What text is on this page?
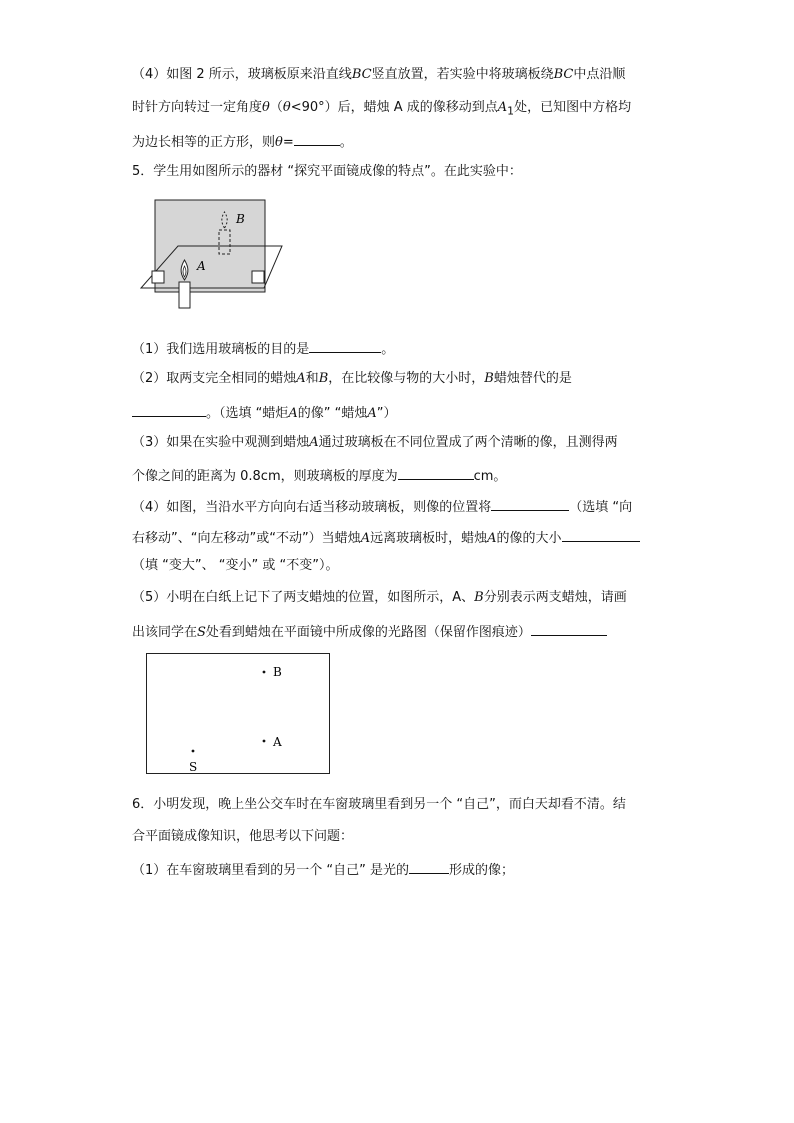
（4）如图 2 所示，玻璃板原来沿直线BC竖直放置，若实验中将玻璃板绕BC中点沿顺
时针方向转过一定角度θ（θ<90°）后，蜡烛 A 成的像移动到点$A_1$处，已知图中方格均
为边长相等的正方形，则θ=	。
5．学生用如图所示的器材 “探究平面镜成像的特点”。在此实验中：
B
A
（1）我们选用玻璃板的目的是	。
（2）取两支完全相同的蜡烛A和B，在比较像与物的大小时，B蜡烛替代的是
。（选填 “蜡炬A的像” “蜡烛A”）
（3）如果在实验中观测到蜡烛A通过玻璃板在不同位置成了两个清晰的像，且测得两
个像之间的距离为 0.8cm，则玻璃板的厚度为	cm。
（4）如图，当沿水平方向向右适当移动玻璃板，则像的位置将	（选填 “向
右移动”、“向左移动”或“不动”）当蜡烛A远离玻璃板时，蜡烛A的像的大小
（填 “变大”、 “变小” 或 “不变”）。
（5）小明在白纸上记下了两支蜡烛的位置，如图所示，A、B分别表示两支蜡烛，请画
出该同学在S处看到蜡烛在平面镜中所成像的光路图（保留作图痕迹）
B
A
S
6．小明发现，晚上坐公交车时在车窗玻璃里看到另一个 “自己”，而白天却看不清。结
合平面镜成像知识，他思考以下问题：
（1）在车窗玻璃里看到的另一个 “自己” 是光的	形成的像；
